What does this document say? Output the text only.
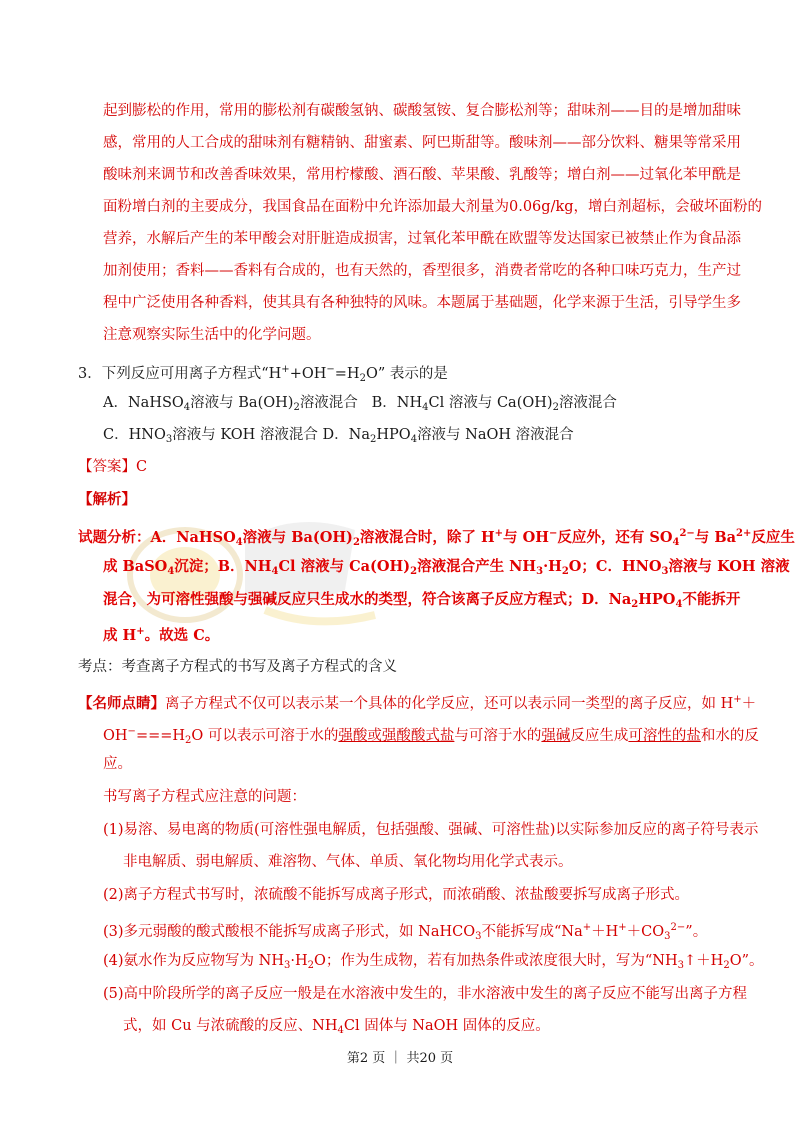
起到膨松的作用，常用的膨松剂有碳酸氢钠、碳酸氢铵、复合膨松剂等；甜味剂——目的是增加甜味
感，常用的人工合成的甜味剂有糖精钠、甜蜜素、阿巴斯甜等。酸味剂——部分饮料、糖果等常采用
酸味剂来调节和改善香味效果，常用柠檬酸、酒石酸、苹果酸、乳酸等；增白剂——过氧化苯甲酰是
面粉增白剂的主要成分，我国食品在面粉中允许添加最大剂量为0.06g/kg，增白剂超标，会破坏面粉的
营养，水解后产生的苯甲酸会对肝脏造成损害，过氧化苯甲酰在欧盟等发达国家已被禁止作为食品添
加剂使用；香料——香料有合成的，也有天然的，香型很多，消费者常吃的各种口味巧克力，生产过
程中广泛使用各种香料，使其具有各种独特的风味。本题属于基础题，化学来源于生活，引导学生多
注意观察实际生活中的化学问题。
3．下列反应可用离子方程式“$H^++OH^-=H_2O$” 表示的是
A．NaHSO$_4$溶液与 $Ba(OH)_2$溶液混合 B．$NH_4Cl$ 溶液与 $Ca(OH)_2$溶液混合
C．$HNO_3$溶液与 KOH 溶液混合 D．$Na_2HPO_4$溶液与 NaOH 溶液混合
【答案】C
【解析】
试题分析：A．NaHSO$_4$溶液与 $Ba(OH)_2$溶液混合时，除了 H+与 OH−反应外，还有 $SO_4^{2-}$与 $Ba^{2+}$反应生
成 BaSO$_4$沉淀；B．$NH_4Cl$ 溶液与 $Ca(OH)_2$溶液混合产生 $NH_3\cdot H_2O$；C．$HNO_3$溶液与 KOH 溶液
混合，为可溶性强酸与强碱反应只生成水的类型，符合该离子反应方程式；D．$Na_2HPO_4$不能拆开
成 H+。故选 C。
考点：考查离子方程式的书写及离子方程式的含义
【名师点睛】离子方程式不仅可以表示某一个具体的化学反应，还可以表示同一类型的离子反应，如 H+＋
$OH^-===H_2O$ 可以表示可溶于水的强酸或强酸酸式盐与可溶于水的强碱反应生成可溶性的盐和水的反
应。
书写离子方程式应注意的问题：
(1)易溶、易电离的物质(可溶性强电解质，包括强酸、强碱、可溶性盐)以实际参加反应的离子符号表示
非电解质、弱电解质、难溶物、气体、单质、氧化物均用化学式表示。
(2)离子方程式书写时，浓硫酸不能拆写成离子形式，而浓硝酸、浓盐酸要拆写成离子形式。
(3)多元弱酸的酸式酸根不能拆写成离子形式，如 NaHCO$_3$不能拆写成“$Na^++H^++CO_3^{2-}$”。
(4)氨水作为反应物写为 $NH_3\cdot H_2O$；作为生成物，若有加热条件或浓度很大时，写为“$NH_3↑+H_2O$”。
(5)高中阶段所学的离子反应一般是在水溶液中发生的，非水溶液中发生的离子反应不能写出离子方程
式，如 Cu 与浓硫酸的反应、$NH_4Cl$ 固体与 NaOH 固体的反应。
第2 页 ｜ 共20 页
